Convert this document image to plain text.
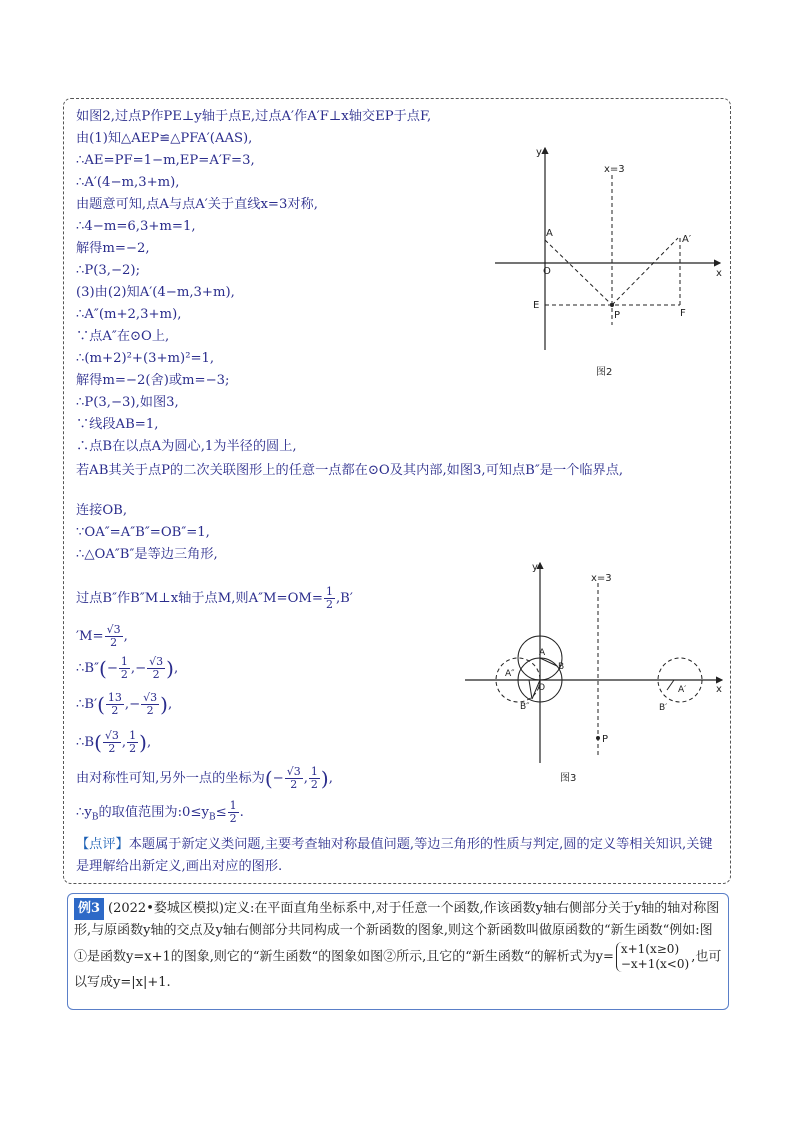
如图2,过点P作PE⊥y轴于点E,过点A′作A′F⊥x轴交EP于点F,
由(1)知△AEP≌△PFA′(AAS),
∴AE=PF=1−m,EP=A′F=3,
∴A′(4−m,3+m),
由题意可知,点A与点A′关于直线x=3对称,
∴4−m=6,3+m=1,
解得m=−2,
∴P(3,−2);
(3)由(2)知A′(4−m,3+m),
∴A″(m+2,3+m),
∵点A″在⊙O上,
∴(m+2)²+(3+m)²=1,
解得m=−2(舍)或m=−3;
∴P(3,−3),如图3,
∵线段AB=1,
∴点B在以点A为圆心,1为半径的圆上,
若AB其关于点P的二次关联图形上的任意一点都在⊙O及其内部,如图3,可知点B″是一个临界点,
连接OB,
∵OA″=A″B″=OB″=1,
∴△OA″B″是等边三角形,
过点B″作B″M⊥x轴于点M,则$A''M=OM= \frac{1}{2} ,B'$
$'M= \frac{√3}{2}$ ,
∴B″(− $\frac{1}{2}$ ,− $\frac{√3}{2}$ ),
∴B′( $\frac{13}{2}$ ,− $\frac{√3}{2}$ ),
∴B( $\frac{√3}{2}$ , $\frac{1}{2}$ ),
由对称性可知,另外一点的坐标为(− $\frac{√3}{2}$ , $\frac{1}{2}$ ),
$\therefore y_B$的取值范围为$:0\le y_B\le \frac{1}{2}$ .
【点评】本题属于新定义类问题,主要考查轴对称最值问题,等边三角形的性质与判定,圆的定义等相关知识,关键是理解给出新定义,画出对应的图形.
y
x
x=3
A
A′
O
E
P	F
图2
y
x
x=3
A
A″
O
B
B″
A′
B′
P
图3
例3 (2022•婺城区模拟)定义:在平面直角坐标系中,对于任意一个函数,作该函数y轴右侧部分关于y轴的轴对称图形,与原函数y轴的交点及y轴右侧部分共同构成一个新函数的图象,则这个新函数叫做原函数的“新生函数“例如:图①是函数y=x+1的图象,则它的“新生函数“的图象如图②所示,且它的“新生函数“的解析式为y=
x+1(x≥0)
−x+1(x<0) ,也可以写成y=|x|+1.
